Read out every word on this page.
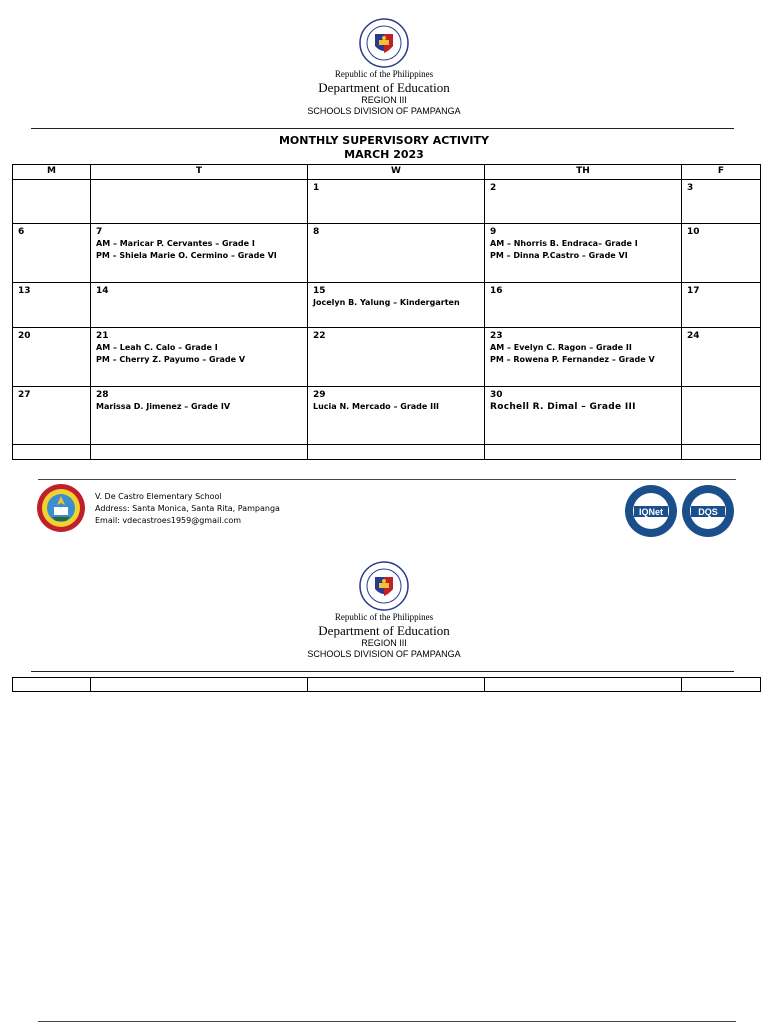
Republic of the Philippines
Department of Education
REGION III
SCHOOLS DIVISION OF PAMPANGA
MONTHLY SUPERVISORY ACTIVITY
MARCH 2023
M	T	W	TH	F

		1	2	3

6	7
AM – Maricar P. Cervantes – Grade I
PM – Shiela Marie O. Cermino – Grade VI	8	9
AM – Nhorris B. Endraca– Grade I
PM – Dinna P.Castro – Grade VI	10

13	14	15
Jocelyn B. Yalung – Kindergarten	16	17

20	21
AM – Leah C. Calo – Grade I
PM – Cherry Z. Payumo – Grade V	22	23
AM – Evelyn C. Ragon – Grade II
PM – Rowena P. Fernandez – Grade V	24

27	28
Marissa D. Jimenez – Grade IV	29
Lucia N. Mercado – Grade III	30
Rochell R. Dimal – Grade III	

V. De Castro Elementary School
Address: Santa Monica, Santa Rita, Pampanga
Email: vdecastroes1959@gmail.com
IQNet	DQS
Republic of the Philippines
Department of Education
REGION III
SCHOOLS DIVISION OF PAMPANGA
